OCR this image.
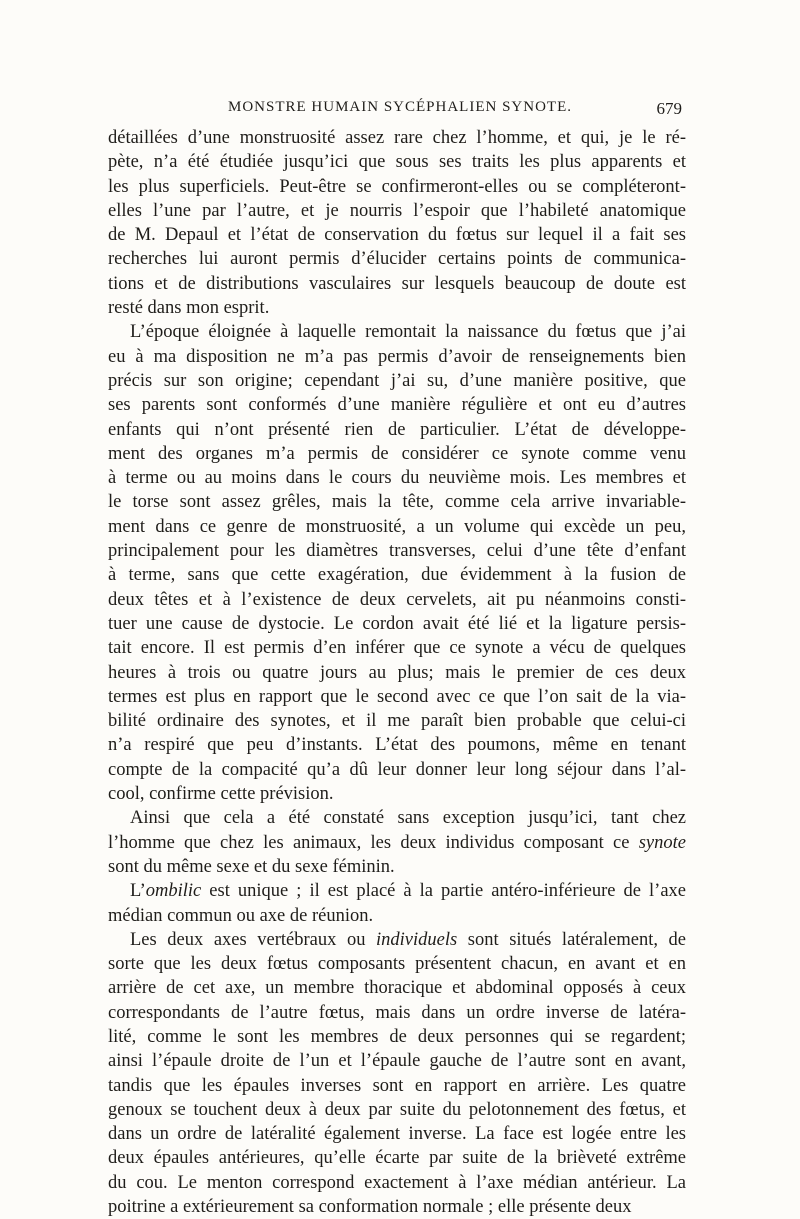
MONSTRE HUMAIN SYCÉPHALIEN SYNOTE.	679
détaillées d’une monstruosité assez rare chez l’homme, et qui, je le ré-
pète, n’a été étudiée jusqu’ici que sous ses traits les plus apparents et
les plus superficiels. Peut-être se confirmeront-elles ou se compléteront-
elles l’une par l’autre, et je nourris l’espoir que l’habileté anatomique
de M. Depaul et l’état de conservation du fœtus sur lequel il a fait ses
recherches lui auront permis d’élucider certains points de communica-
tions et de distributions vasculaires sur lesquels beaucoup de doute est
resté dans mon esprit.
L’époque éloignée à laquelle remontait la naissance du fœtus que j’ai
eu à ma disposition ne m’a pas permis d’avoir de renseignements bien
précis sur son origine; cependant j’ai su, d’une manière positive, que
ses parents sont conformés d’une manière régulière et ont eu d’autres
enfants qui n’ont présenté rien de particulier. L’état de développe-
ment des organes m’a permis de considérer ce synote comme venu
à terme ou au moins dans le cours du neuvième mois. Les membres et
le torse sont assez grêles, mais la tête, comme cela arrive invariable-
ment dans ce genre de monstruosité, a un volume qui excède un peu,
principalement pour les diamètres transverses, celui d’une tête d’enfant
à terme, sans que cette exagération, due évidemment à la fusion de
deux têtes et à l’existence de deux cervelets, ait pu néanmoins consti-
tuer une cause de dystocie. Le cordon avait été lié et la ligature persis-
tait encore. Il est permis d’en inférer que ce synote a vécu de quelques
heures à trois ou quatre jours au plus; mais le premier de ces deux
termes est plus en rapport que le second avec ce que l’on sait de la via-
bilité ordinaire des synotes, et il me paraît bien probable que celui-ci
n’a respiré que peu d’instants. L’état des poumons, même en tenant
compte de la compacité qu’a dû leur donner leur long séjour dans l’al-
cool, confirme cette prévision.
Ainsi que cela a été constaté sans exception jusqu’ici, tant chez
l’homme que chez les animaux, les deux individus composant ce synote
sont du même sexe et du sexe féminin.
L’ombilic est unique ; il est placé à la partie antéro-inférieure de l’axe
médian commun ou axe de réunion.
Les deux axes vertébraux ou individuels sont situés latéralement, de
sorte que les deux fœtus composants présentent chacun, en avant et en
arrière de cet axe, un membre thoracique et abdominal opposés à ceux
correspondants de l’autre fœtus, mais dans un ordre inverse de latéra-
lité, comme le sont les membres de deux personnes qui se regardent;
ainsi l’épaule droite de l’un et l’épaule gauche de l’autre sont en avant,
tandis que les épaules inverses sont en rapport en arrière. Les quatre
genoux se touchent deux à deux par suite du pelotonnement des fœtus, et
dans un ordre de latéralité également inverse. La face est logée entre les
deux épaules antérieures, qu’elle écarte par suite de la brièveté extrême
du cou. Le menton correspond exactement à l’axe médian antérieur. La
poitrine a extérieurement sa conformation normale ; elle présente deux
